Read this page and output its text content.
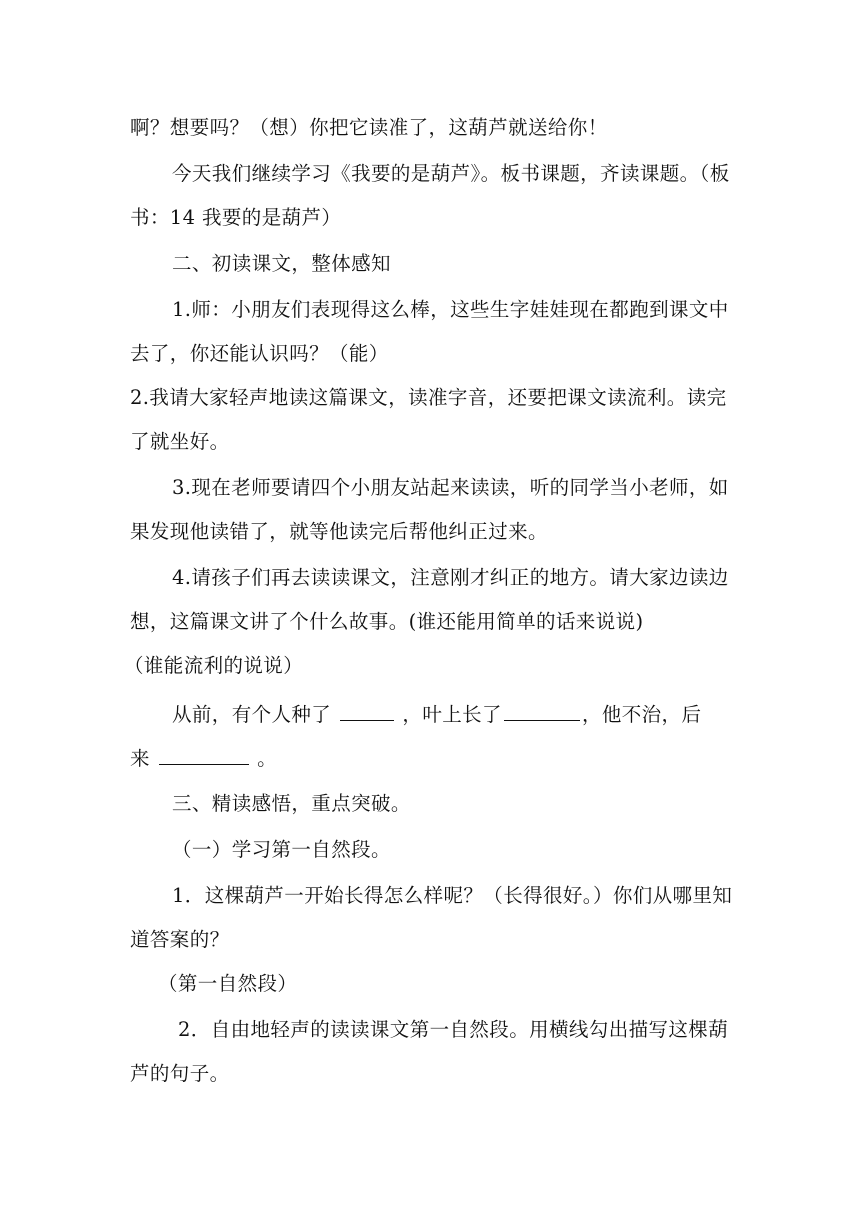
啊？想要吗？（想）你把它读准了，这葫芦就送给你！
今天我们继续学习《我要的是葫芦》。板书课题，齐读课题。（板
书：14 我要的是葫芦）
二、初读课文，整体感知
1.师：小朋友们表现得这么棒，这些生字娃娃现在都跑到课文中
去了，你还能认识吗？（能）
2.我请大家轻声地读这篇课文，读准字音，还要把课文读流利。读完
了就坐好。
3.现在老师要请四个小朋友站起来读读，听的同学当小老师，如
果发现他读错了，就等他读完后帮他纠正过来。
4.请孩子们再去读读课文，注意刚才纠正的地方。请大家边读边
想，这篇课文讲了个什么故事。(谁还能用简单的话来说说)
（谁能流利的说说）
从前，有个人种了	，叶上长了	，他不治，后
来	。
三、精读感悟，重点突破。
（一）学习第一自然段。
1．这棵葫芦一开始长得怎么样呢？（长得很好。）你们从哪里知
道答案的？
（第一自然段）
2．自由地轻声的读读课文第一自然段。用横线勾出描写这棵葫
芦的句子。
